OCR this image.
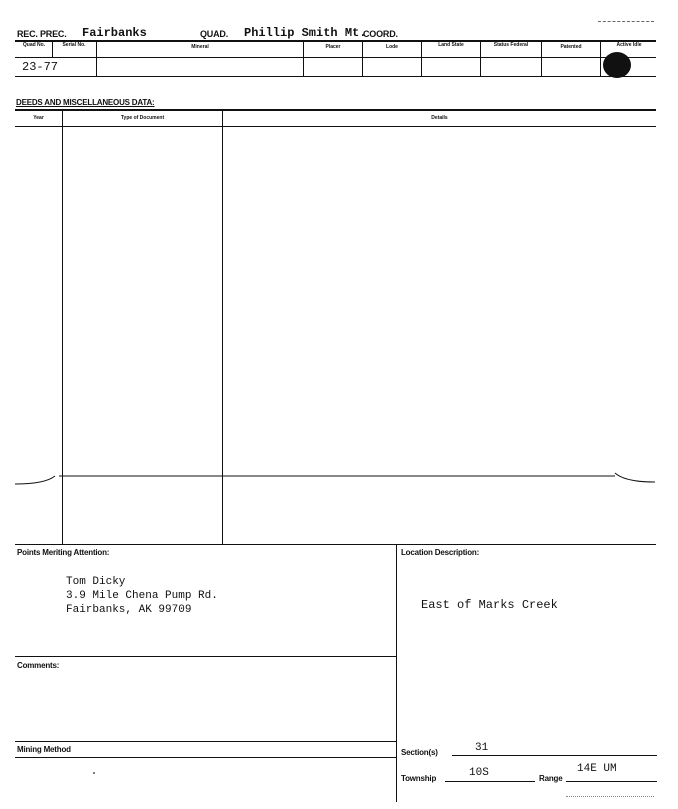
REC. PREC. Fairbanks	QUAD. Phillip Smith Mt.
COORD.
Quad No.	Serial No.	Mineral	Placer	Lode	Land State	Status Federal	Patented	Active Idle
23-77
DEEDS AND MISCELLANEOUS DATA:
Year	Type of Document	Details
Points Meriting Attention:
Tom Dicky
3.9 Mile Chena Pump Rd.
Fairbanks, AK 99709
Comments:
Mining Method
Location Description:
East of Marks Creek
Section(s)	31
Township	10S	Range
14E UM
